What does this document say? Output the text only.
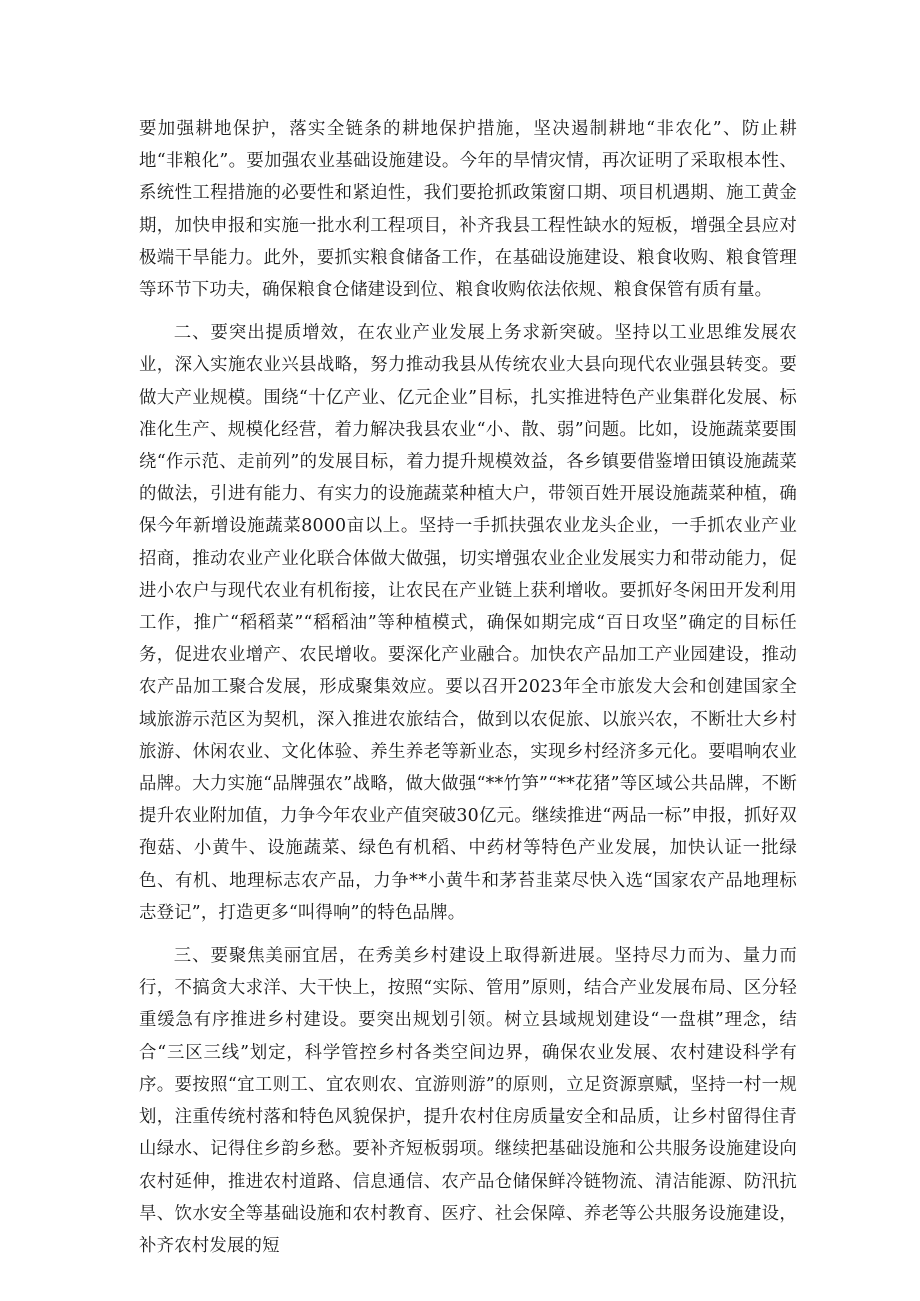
要加强耕地保护，落实全链条的耕地保护措施，坚决遏制耕地“非农化”、防止耕地“非粮化”。要加强农业基础设施建设。今年的旱情灾情，再次证明了采取根本性、系统性工程措施的必要性和紧迫性，我们要抢抓政策窗口期、项目机遇期、施工黄金期，加快申报和实施一批水利工程项目，补齐我县工程性缺水的短板，增强全县应对极端干旱能力。此外，要抓实粮食储备工作，在基础设施建设、粮食收购、粮食管理等环节下功夫，确保粮食仓储建设到位、粮食收购依法依规、粮食保管有质有量。

二、要突出提质增效，在农业产业发展上务求新突破。坚持以工业思维发展农业，深入实施农业兴县战略，努力推动我县从传统农业大县向现代农业强县转变。要做大产业规模。围绕“十亿产业、亿元企业”目标，扎实推进特色产业集群化发展、标准化生产、规模化经营，着力解决我县农业“小、散、弱”问题。比如，设施蔬菜要围绕“作示范、走前列”的发展目标，着力提升规模效益，各乡镇要借鉴增田镇设施蔬菜的做法，引进有能力、有实力的设施蔬菜种植大户，带领百姓开展设施蔬菜种植，确保今年新增设施蔬菜8000亩以上。坚持一手抓扶强农业龙头企业，一手抓农业产业招商，推动农业产业化联合体做大做强，切实增强农业企业发展实力和带动能力，促进小农户与现代农业有机衔接，让农民在产业链上获利增收。要抓好冬闲田开发利用工作，推广“稻稻菜”“稻稻油”等种植模式，确保如期完成“百日攻坚”确定的目标任务，促进农业增产、农民增收。要深化产业融合。加快农产品加工产业园建设，推动农产品加工聚合发展，形成聚集效应。要以召开2023年全市旅发大会和创建国家全域旅游示范区为契机，深入推进农旅结合，做到以农促旅、以旅兴农，不断壮大乡村旅游、休闲农业、文化体验、养生养老等新业态，实现乡村经济多元化。要唱响农业品牌。大力实施“品牌强农”战略，做大做强“**竹笋”“**花猪”等区域公共品牌，不断提升农业附加值，力争今年农业产值突破30亿元。继续推进“两品一标”申报，抓好双孢菇、小黄牛、设施蔬菜、绿色有机稻、中药材等特色产业发展，加快认证一批绿色、有机、地理标志农产品，力争**小黄牛和茅苔韭菜尽快入选“国家农产品地理标志登记”，打造更多“叫得响”的特色品牌。

三、要聚焦美丽宜居，在秀美乡村建设上取得新进展。坚持尽力而为、量力而行，不搞贪大求洋、大干快上，按照“实际、管用”原则，结合产业发展布局、区分轻重缓急有序推进乡村建设。要突出规划引领。树立县域规划建设“一盘棋”理念，结合“三区三线”划定，科学管控乡村各类空间边界，确保农业发展、农村建设科学有序。要按照“宜工则工、宜农则农、宜游则游”的原则，立足资源禀赋，坚持一村一规划，注重传统村落和特色风貌保护，提升农村住房质量安全和品质，让乡村留得住青山绿水、记得住乡韵乡愁。要补齐短板弱项。继续把基础设施和公共服务设施建设向农村延伸，推进农村道路、信息通信、农产品仓储保鲜冷链物流、清洁能源、防汛抗旱、饮水安全等基础设施和农村教育、医疗、社会保障、养老等公共服务设施建设，补齐农村发展的短
